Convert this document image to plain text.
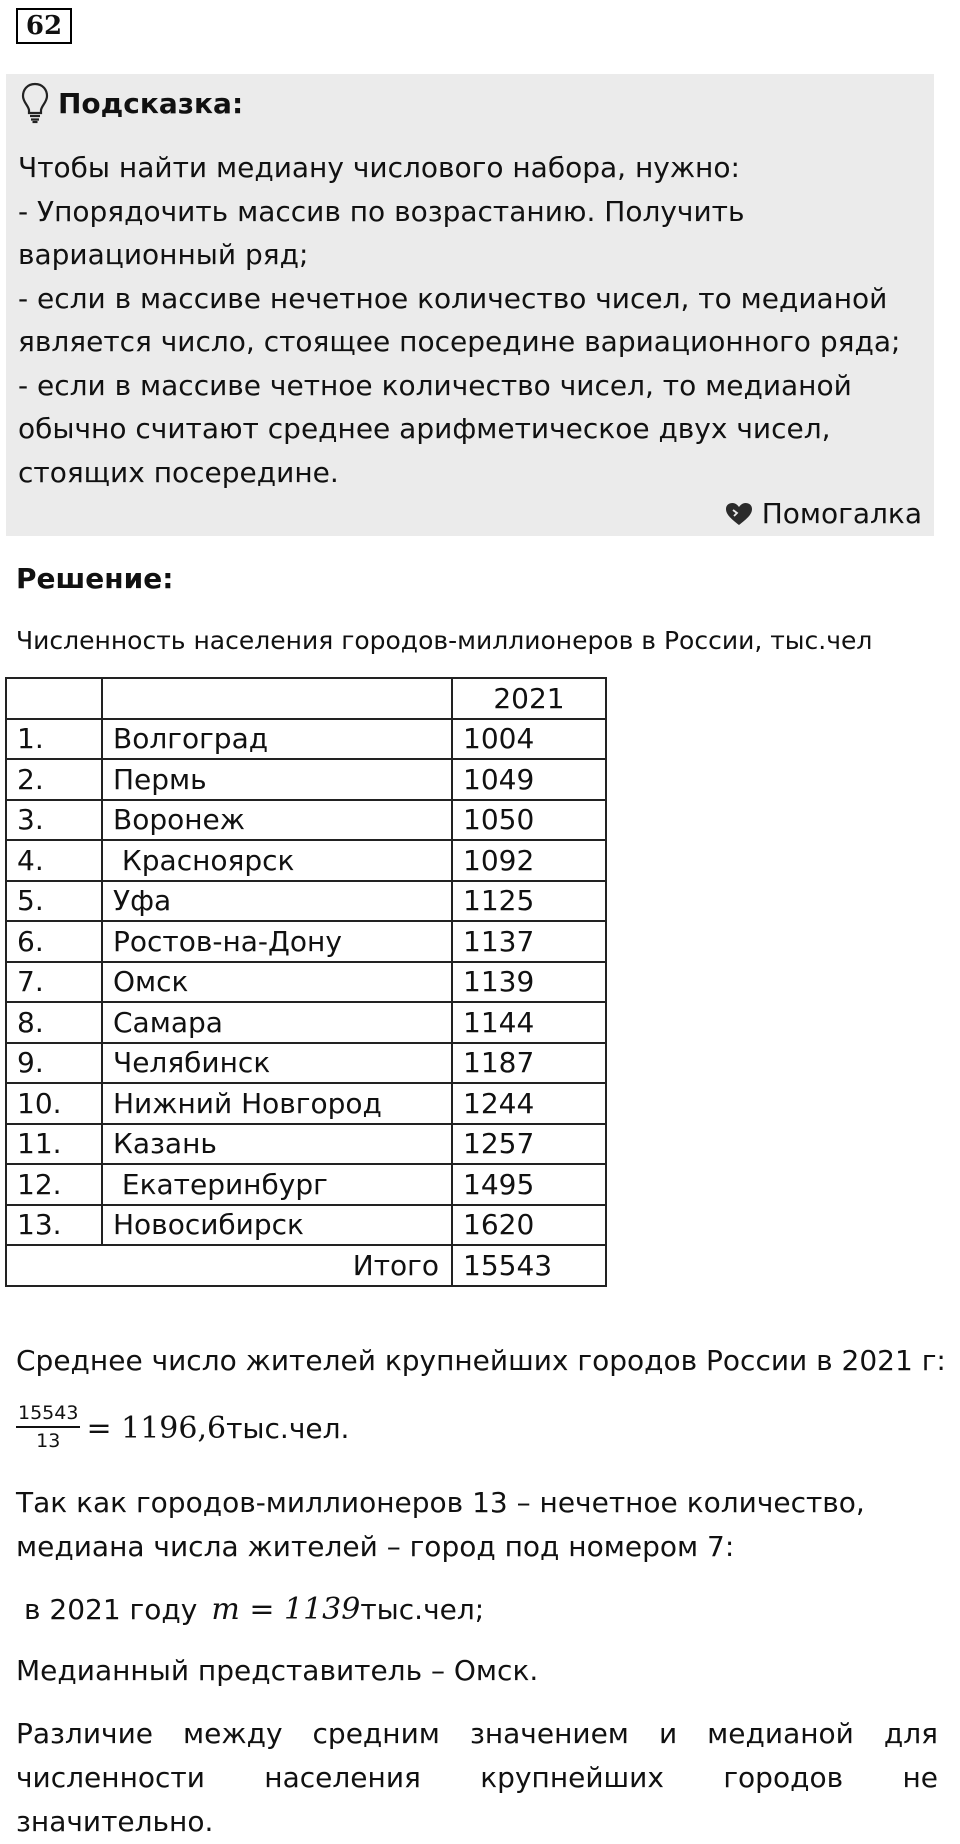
62
Подсказка:
Чтобы найти медиану числового набора, нужно:
- Упорядочить массив по возрастанию. Получить
вариационный ряд;
- если в массиве нечетное количество чисел, то медианой
является число, стоящее посередине вариационного ряда;
- если в массиве четное количество чисел, то медианой
обычно считают среднее арифметическое двух чисел,
стоящих посередине.
Помогалка
Решение:
Численность населения городов-миллионеров в России, тыс.чел
		2021
1.	Волгоград	1004
2.	Пермь	1049
3.	Воронеж	1050
4.	Красноярск	1092
5.	Уфа	1125
6.	Ростов-на-Дону	1137
7.	Омск	1139
8.	Самара	1144
9.	Челябинск	1187
10.	Нижний Новгород	1244
11.	Казань	1257
12.	Екатеринбург	1495
13.	Новосибирск	1620
Итого		15543
Среднее число жителей крупнейших городов России в 2021 г:
$\frac{15543}{13} = 1196,6$ тыс.чел.
Так как городов-миллионеров 13 – нечетное количество,
медиана числа жителей – город под номером 7:
в 2021 году m = 1139 тыс.чел;
Медианный представитель – Омск.
Различие между средним значением и медианой для
численности населения крупнейших городов не
значительно.
